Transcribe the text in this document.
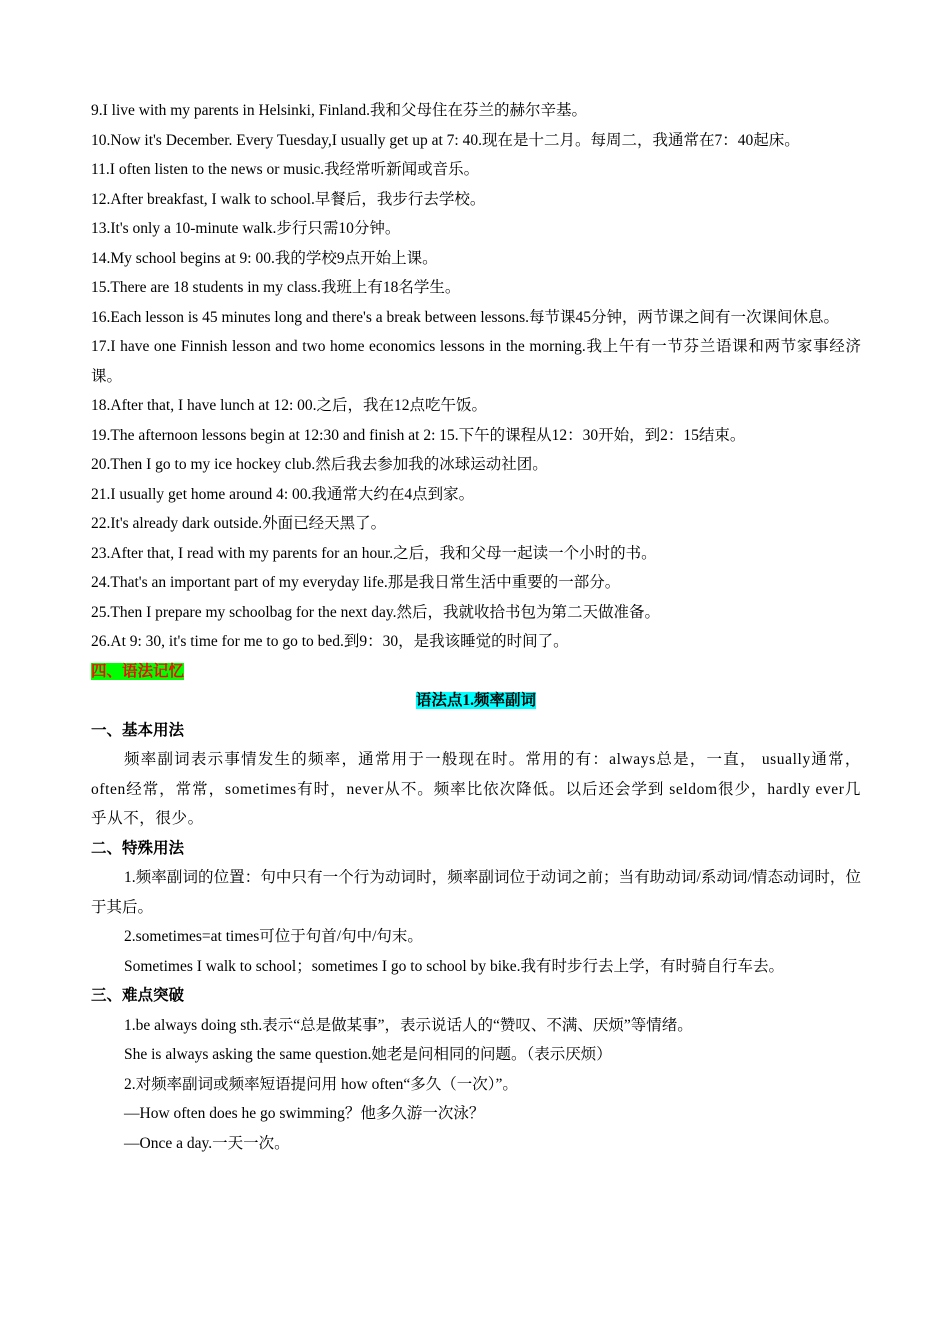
9.I live with my parents in Helsinki, Finland.我和父母住在芬兰的赫尔辛基。
10.Now it's December. Every Tuesday,I usually get up at 7: 40.现在是十二月。每周二，我通常在7：40起床。
11.I often listen to the news or music.我经常听新闻或音乐。
12.After breakfast, I walk to school.早餐后，我步行去学校。
13.It's only a 10-minute walk.步行只需10分钟。
14.My school begins at 9: 00.我的学校9点开始上课。
15.There are 18 students in my class.我班上有18名学生。
16.Each lesson is 45 minutes long and there's a break between lessons.每节课45分钟，两节课之间有一次课间休息。
17.I have one Finnish lesson and two home economics lessons in the morning.我上午有一节芬兰语课和两节家事经济课。
18.After that, I have lunch at 12: 00.之后，我在12点吃午饭。
19.The afternoon lessons begin at 12:30 and finish at 2: 15.下午的课程从12：30开始，到2：15结束。
20.Then I go to my ice hockey club.然后我去参加我的冰球运动社团。
21.I usually get home around 4: 00.我通常大约在4点到家。
22.It's already dark outside.外面已经天黑了。
23.After that, I read with my parents for an hour.之后，我和父母一起读一个小时的书。
24.That's an important part of my everyday life.那是我日常生活中重要的一部分。
25.Then I prepare my schoolbag for the next day.然后，我就收拾书包为第二天做准备。
26.At 9: 30, it's time for me to go to bed.到9：30，是我该睡觉的时间了。
四、语法记忆
语法点1.频率副词
一、基本用法
频率副词表示事情发生的频率，通常用于一般现在时。常用的有：always总是，一直， usually通常，often经常，常常，sometimes有时，never从不。频率比依次降低。以后还会学到 seldom很少，hardly ever几乎从不，很少。
二、特殊用法
1.频率副词的位置：句中只有一个行为动词时，频率副词位于动词之前；当有助动词/系动词/情态动词时，位于其后。
2.sometimes=at times可位于句首/句中/句末。
Sometimes I walk to school；sometimes I go to school by bike.我有时步行去上学，有时骑自行车去。
三、难点突破
1.be always doing sth.表示“总是做某事”，表示说话人的“赞叹、不满、厌烦”等情绪。
She is always asking the same question.她老是问相同的问题。（表示厌烦）
2.对频率副词或频率短语提问用 how often“多久（一次）”。
—How often does he go swimming？他多久游一次泳？
—Once a day.一天一次。
